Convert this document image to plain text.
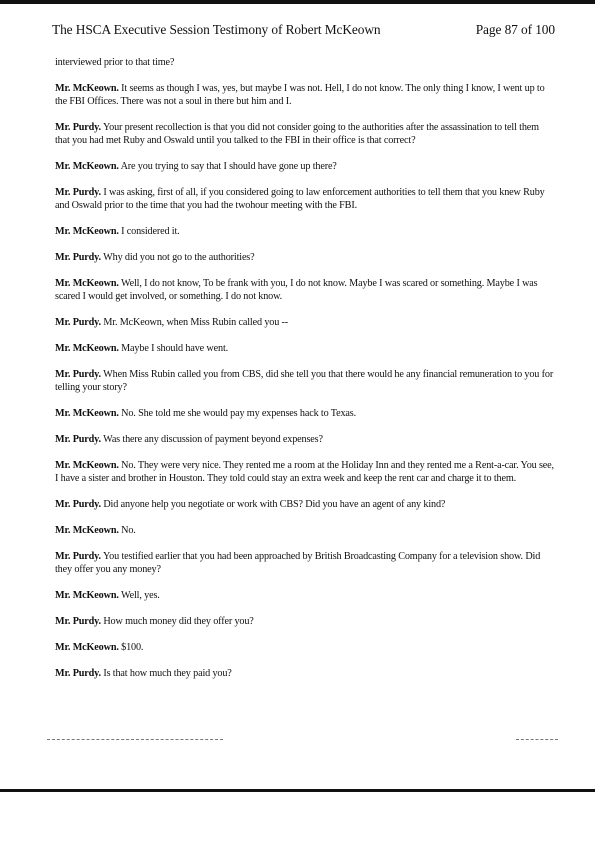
The HSCA Executive Session Testimony of Robert McKeown	Page 87 of 100

interviewed prior to that time?

Mr. McKeown. It seems as though I was, yes, but maybe I was not. Hell, I do not know. The only thing I know, I went up to the FBI Offices. There was not a soul in there but him and I.

Mr. Purdy. Your present recollection is that you did not consider going to the authorities after the assassination to tell them that you had met Ruby and Oswald until you talked to the FBI in their office is that correct?

Mr. McKeown. Are you trying to say that I should have gone up there?

Mr. Purdy. I was asking, first of all, if you considered going to law enforcement authorities to tell them that you knew Ruby and Oswald prior to the time that you had the twohour meeting with the FBI.

Mr. McKeown. I considered it.

Mr. Purdy. Why did you not go to the authorities?

Mr. McKeown. Well, I do not know, To be frank with you, I do not know. Maybe I was scared or something. Maybe I was scared I would get involved, or something. I do not know.

Mr. Purdy. Mr. McKeown, when Miss Rubin called you --

Mr. McKeown. Maybe I should have went.

Mr. Purdy. When Miss Rubin called you from CBS, did she tell you that there would he any financial remuneration to you for telling your story?

Mr. McKeown. No. She told me she would pay my expenses hack to Texas.

Mr. Purdy. Was there any discussion of payment beyond expenses?

Mr. McKeown. No. They were very nice. They rented me a room at the Holiday Inn and they rented me a Rent-a-car. You see, I have a sister and brother in Houston. They told could stay an extra week and keep the rent car and charge it to them.

Mr. Purdy. Did anyone help you negotiate or work with CBS? Did you have an agent of any kind?

Mr. McKeown. No.

Mr. Purdy. You testified earlier that you had been approached by British Broadcasting Company for a television show. Did they offer you any money?

Mr. McKeown. Well, yes.

Mr. Purdy. How much money did they offer you?

Mr. McKeown. $100.

Mr. Purdy. Is that how much they paid you?
